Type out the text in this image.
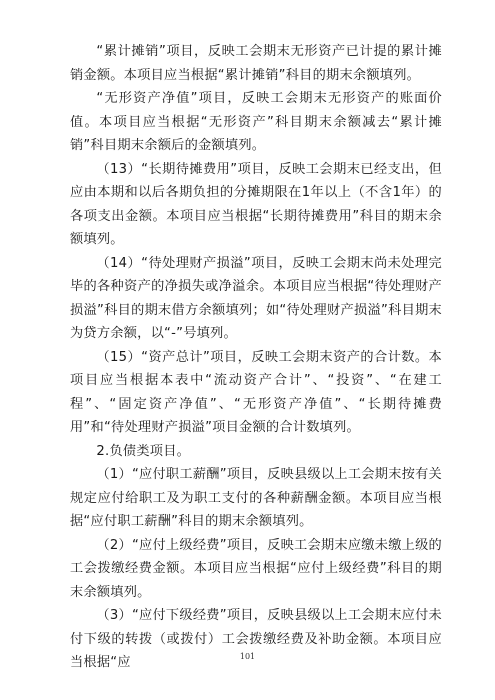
“累计摊销”项目，反映工会期末无形资产已计提的累计摊销金额。本项目应当根据“累计摊销”科目的期末余额填列。

“无形资产净值”项目，反映工会期末无形资产的账面价值。本项目应当根据“无形资产”科目期末余额减去“累计摊销”科目期末余额后的金额填列。

（13）“长期待摊费用”项目，反映工会期末已经支出，但应由本期和以后各期负担的分摊期限在1年以上（不含1年）的各项支出金额。本项目应当根据“长期待摊费用”科目的期末余额填列。

（14）“待处理财产损溢”项目，反映工会期末尚未处理完毕的各种资产的净损失或净溢余。本项目应当根据“待处理财产损溢”科目的期末借方余额填列；如“待处理财产损溢”科目期末为贷方余额，以“-”号填列。

（15）“资产总计”项目，反映工会期末资产的合计数。本项目应当根据本表中“流动资产合计”、“投资”、“在建工程”、“固定资产净值”、“无形资产净值”、“长期待摊费用”和“待处理财产损溢”项目金额的合计数填列。

2.负债类项目。

（1）“应付职工薪酬”项目，反映县级以上工会期末按有关规定应付给职工及为职工支付的各种薪酬金额。本项目应当根据“应付职工薪酬”科目的期末余额填列。

（2）“应付上级经费”项目，反映工会期末应缴未缴上级的工会拨缴经费金额。本项目应当根据“应付上级经费”科目的期末余额填列。

（3）“应付下级经费”项目，反映县级以上工会期末应付未付下级的转拨（或拨付）工会拨缴经费及补助金额。本项目应当根据“应	101
